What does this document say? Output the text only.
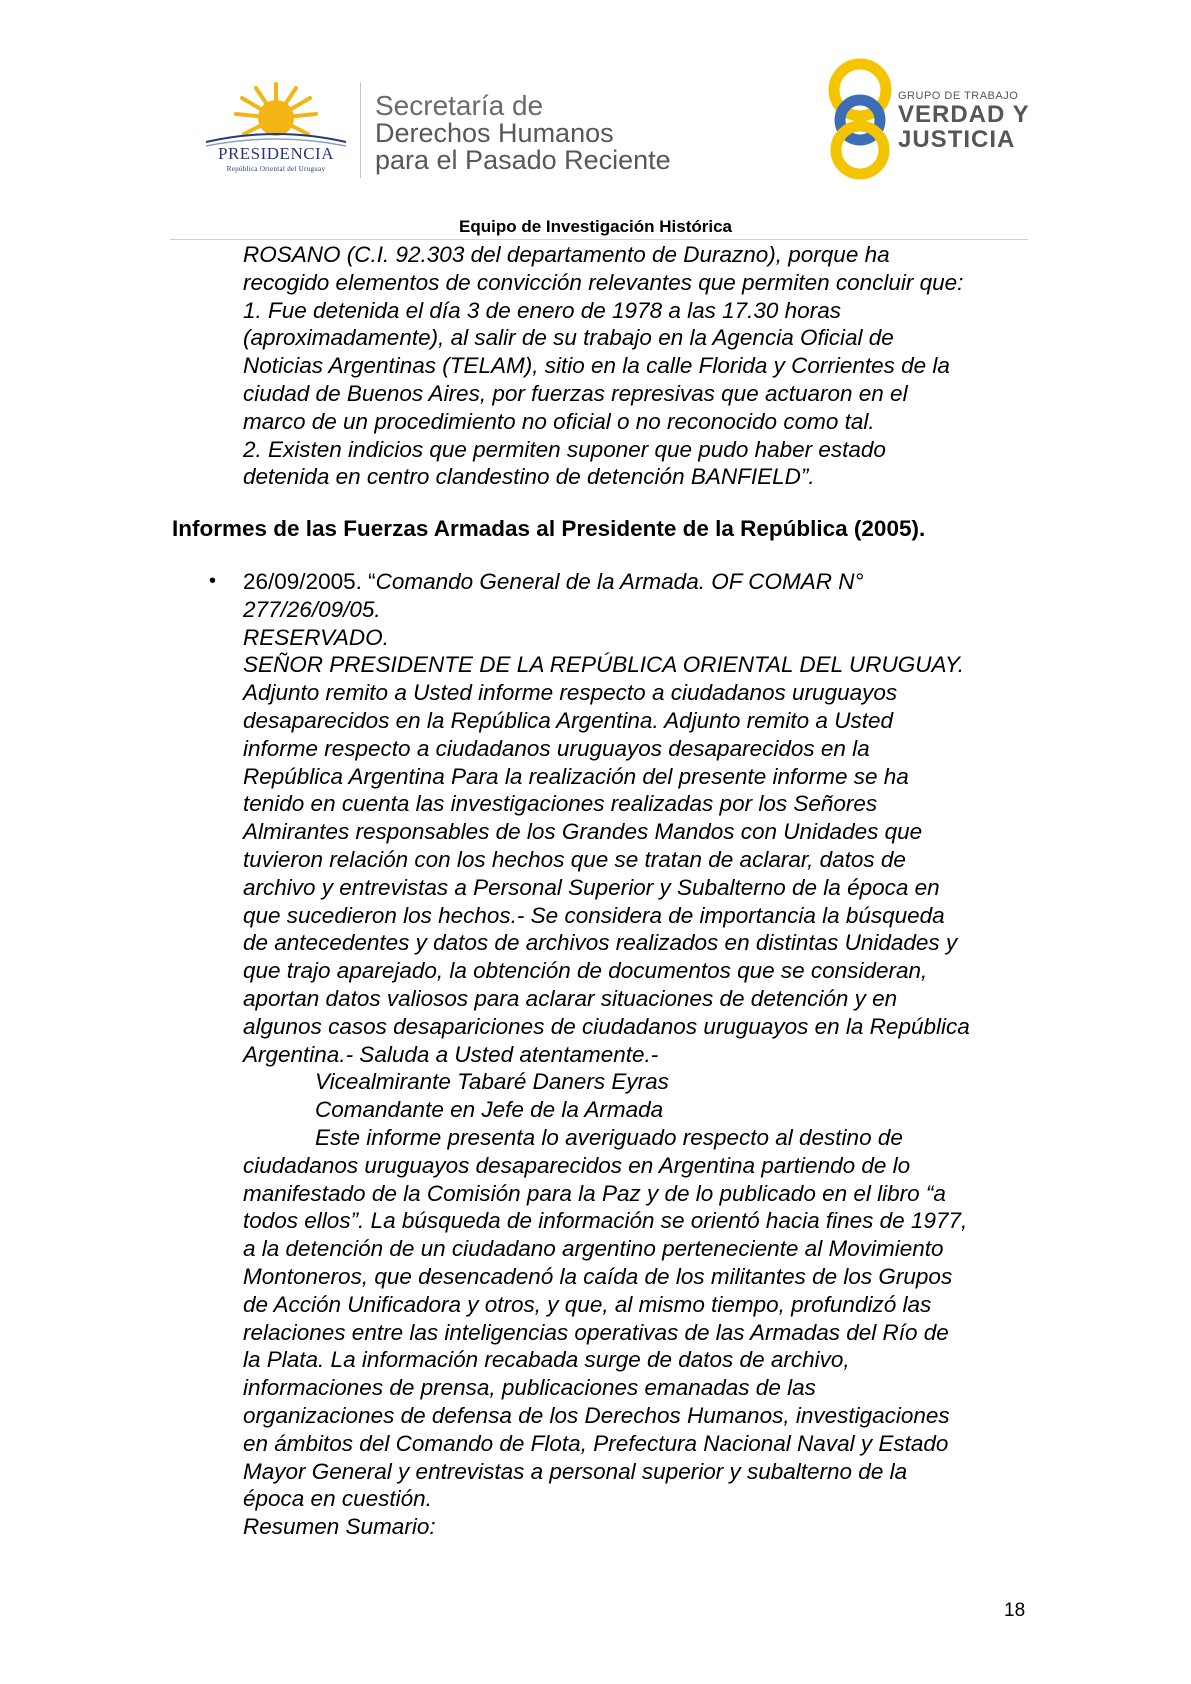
PRESIDENCIA
República Oriental del Uruguay
Secretaría de
Derechos Humanos
para el Pasado Reciente
GRUPO DE TRABAJO
VERDAD Y
JUSTICIA
Equipo de Investigación Histórica
ROSANO (C.I. 92.303 del departamento de Durazno), porque ha
recogido elementos de convicción relevantes que permiten concluir que:
1. Fue detenida el día 3 de enero de 1978 a las 17.30 horas
(aproximadamente), al salir de su trabajo en la Agencia Oficial de
Noticias Argentinas (TELAM), sitio en la calle Florida y Corrientes de la
ciudad de Buenos Aires, por fuerzas represivas que actuaron en el
marco de un procedimiento no oficial o no reconocido como tal.
2. Existen indicios que permiten suponer que pudo haber estado
detenida en centro clandestino de detención BANFIELD”.
Informes de las Fuerzas Armadas al Presidente de la República (2005).
• 26/09/2005. “Comando General de la Armada. OF COMAR N°
277/26/09/05.
RESERVADO.
SEÑOR PRESIDENTE DE LA REPÚBLICA ORIENTAL DEL URUGUAY.
Adjunto remito a Usted informe respecto a ciudadanos uruguayos
desaparecidos en la República Argentina. Adjunto remito a Usted
informe respecto a ciudadanos uruguayos desaparecidos en la
República Argentina Para la realización del presente informe se ha
tenido en cuenta las investigaciones realizadas por los Señores
Almirantes responsables de los Grandes Mandos con Unidades que
tuvieron relación con los hechos que se tratan de aclarar, datos de
archivo y entrevistas a Personal Superior y Subalterno de la época en
que sucedieron los hechos.- Se considera de importancia la búsqueda
de antecedentes y datos de archivos realizados en distintas Unidades y
que trajo aparejado, la obtención de documentos que se consideran,
aportan datos valiosos para aclarar situaciones de detención y en
algunos casos desapariciones de ciudadanos uruguayos en la República
Argentina.- Saluda a Usted atentamente.-
Vicealmirante Tabaré Daners Eyras
Comandante en Jefe de la Armada
Este informe presenta lo averiguado respecto al destino de
ciudadanos uruguayos desaparecidos en Argentina partiendo de lo
manifestado de la Comisión para la Paz y de lo publicado en el libro “a
todos ellos”. La búsqueda de información se orientó hacia fines de 1977,
a la detención de un ciudadano argentino perteneciente al Movimiento
Montoneros, que desencadenó la caída de los militantes de los Grupos
de Acción Unificadora y otros, y que, al mismo tiempo, profundizó las
relaciones entre las inteligencias operativas de las Armadas del Río de
la Plata. La información recabada surge de datos de archivo,
informaciones de prensa, publicaciones emanadas de las
organizaciones de defensa de los Derechos Humanos, investigaciones
en ámbitos del Comando de Flota, Prefectura Nacional Naval y Estado
Mayor General y entrevistas a personal superior y subalterno de la
época en cuestión.
Resumen Sumario:
18
